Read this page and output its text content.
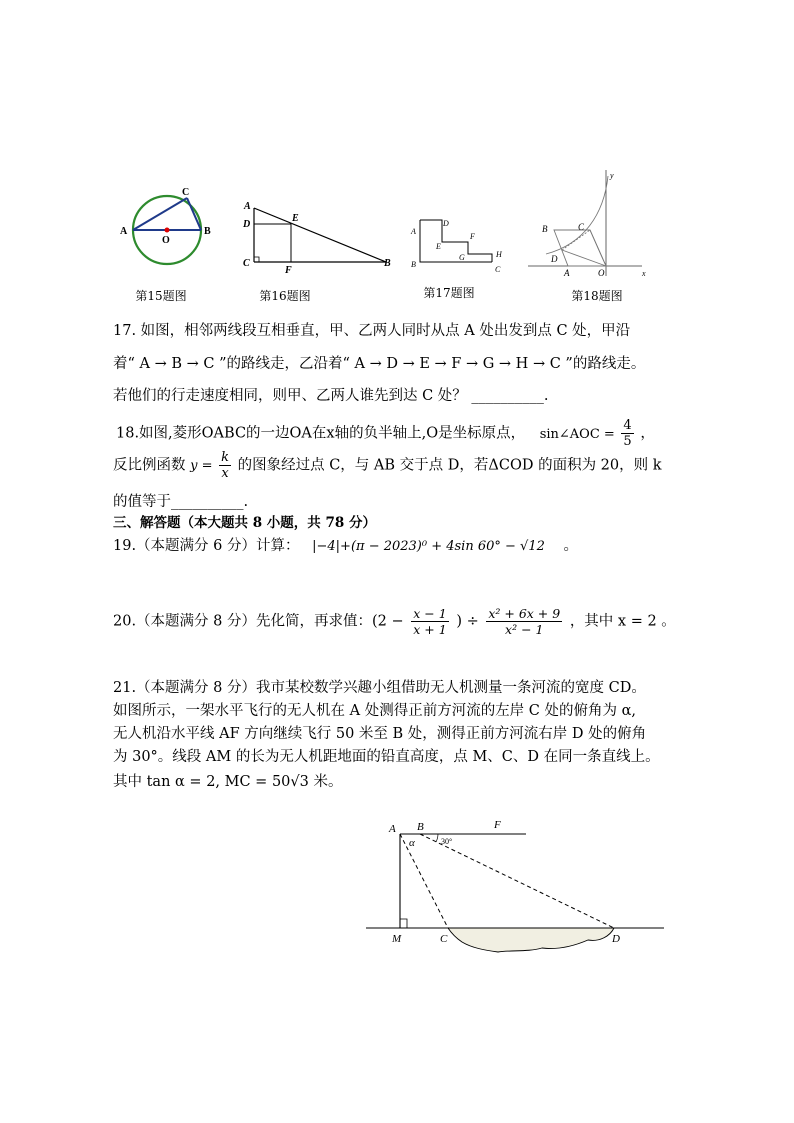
A	B
C
O
第15题图
A
D
C
E
F
B
第16题图
A
B
D
E
F
G	H
C
第17题图
y
x
O
A
B	C
D
第18题图
17. 如图，相邻两线段互相垂直，甲、乙两人同时从点 A 处出发到点 C 处，甲沿
着“ A → B → C ”的路线走，乙沿着“ A → D → E → F → G → H → C ”的路线走。
若他们的行走速度相同，则甲、乙两人谁先到达 C 处？ __________.
18.如图,菱形OABC的一边OA在x轴的负半轴上,O是坐标原点， sin∠AOC = $\frac{4}{5}$ ，
反比例函数 $y = \frac{k}{x}$ 的图象经过点 C，与 AB 交于点 D，若ΔCOD 的面积为 20，则 k
的值等于__________.
三、解答题（本大题共 8 小题，共 78 分）
19.（本题满分 6 分）计算： |−4|+(π − 2023)⁰ + 4sin 60° − √12 。
20.（本题满分 8 分）先化简，再求值：($2 - \frac{x - 1}{x + 1}$ ) ÷ $\frac{\text{x² + 6x + 9}}{\text{x² − 1}}$ ，其中 x = 2 。
21.（本题满分 8 分）我市某校数学兴趣小组借助无人机测量一条河流的宽度 CD。
如图所示，一架水平飞行的无人机在 A 处测得正前方河流的左岸 C 处的俯角为 α,
无人机沿水平线 AF 方向继续飞行 50 米至 B 处，测得正前方河流右岸 D 处的俯角
为 30°。线段 AM 的长为无人机距地面的铅直高度，点 M、C、D 在同一条直线上。
其中 tan α = 2, MC = 50√3 米。
A B	F
α	30°
M	C	D
